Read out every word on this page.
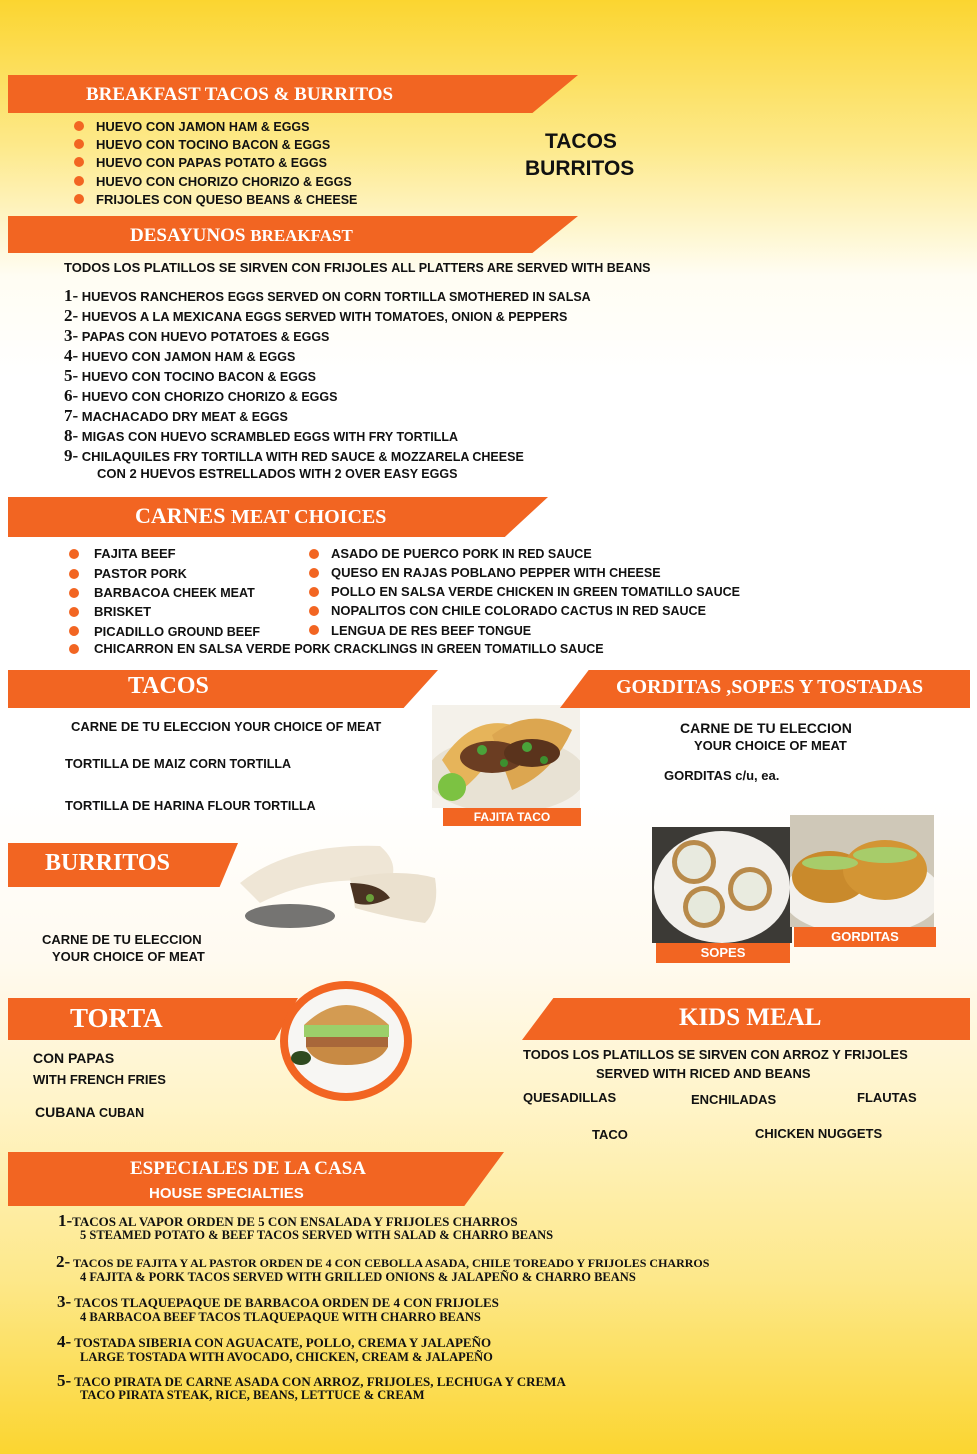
BREAKFAST TACOS & BURRITOS
HUEVO CON JAMON HAM & EGGS
HUEVO CON TOCINO BACON & EGGS
HUEVO CON PAPAS POTATO & EGGS
HUEVO CON CHORIZO CHORIZO & EGGS
FRIJOLES CON QUESO BEANS & CHEESE
TACOS
BURRITOS
DESAYUNOS BREAKFAST
TODOS LOS PLATILLOS SE SIRVEN CON FRIJOLES ALL PLATTERS ARE SERVED WITH BEANS
1- HUEVOS RANCHEROS EGGS SERVED ON CORN TORTILLA SMOTHERED IN SALSA
2- HUEVOS A LA MEXICANA EGGS SERVED WITH TOMATOES, ONION & PEPPERS
3- PAPAS CON HUEVO POTATOES & EGGS
4- HUEVO CON JAMON HAM & EGGS
5- HUEVO CON TOCINO BACON & EGGS
6- HUEVO CON CHORIZO CHORIZO & EGGS
7- MACHACADO DRY MEAT & EGGS
8- MIGAS CON HUEVO SCRAMBLED EGGS WITH FRY TORTILLA
9- CHILAQUILES FRY TORTILLA WITH RED SAUCE & MOZZARELA CHEESE
CON 2 HUEVOS ESTRELLADOS WITH 2 OVER EASY EGGS
CARNES MEAT CHOICES
FAJITA BEEF
PASTOR PORK
BARBACOA CHEEK MEAT
BRISKET
PICADILLO GROUND BEEF
ASADO DE PUERCO PORK IN RED SAUCE
QUESO EN RAJAS POBLANO PEPPER WITH CHEESE
POLLO EN SALSA VERDE CHICKEN IN GREEN TOMATILLO SAUCE
NOPALITOS CON CHILE COLORADO CACTUS IN RED SAUCE
LENGUA DE RES BEEF TONGUE
CHICARRON EN SALSA VERDE PORK CRACKLINGS IN GREEN TOMATILLO SAUCE
TACOS
CARNE DE TU ELECCION YOUR CHOICE OF MEAT
TORTILLA DE MAIZ CORN TORTILLA
TORTILLA DE HARINA FLOUR TORTILLA
FAJITA TACO
GORDITAS ,SOPES Y TOSTADAS
CARNE DE TU ELECCION
YOUR CHOICE OF MEAT
GORDITAS c/u, ea.
SOPES
GORDITAS
BURRITOS
CARNE DE TU ELECCION
YOUR CHOICE OF MEAT
TORTA
CON PAPAS
WITH FRENCH FRIES
CUBANA CUBAN
KIDS MEAL
TODOS LOS PLATILLOS SE SIRVEN CON ARROZ Y FRIJOLES
SERVED WITH RICED AND BEANS
QUESADILLAS	ENCHILADAS	FLAUTAS
TACO	CHICKEN NUGGETS
ESPECIALES DE LA CASA
HOUSE SPECIALTIES
1-TACOS AL VAPOR ORDEN DE 5 CON ENSALADA Y FRIJOLES CHARROS
5 STEAMED POTATO & BEEF TACOS SERVED WITH SALAD & CHARRO BEANS
2- TACOS DE FAJITA Y AL PASTOR ORDEN DE 4 CON CEBOLLA ASADA, CHILE TOREADO Y FRIJOLES CHARROS
4 FAJITA & PORK TACOS SERVED WITH GRILLED ONIONS & JALAPEÑO & CHARRO BEANS
3- TACOS TLAQUEPAQUE DE BARBACOA ORDEN DE 4 CON FRIJOLES
4 BARBACOA BEEF TACOS TLAQUEPAQUE WITH CHARRO BEANS
4- TOSTADA SIBERIA CON AGUACATE, POLLO, CREMA Y JALAPEÑO
LARGE TOSTADA WITH AVOCADO, CHICKEN, CREAM & JALAPEÑO
5- TACO PIRATA DE CARNE ASADA CON ARROZ, FRIJOLES, LECHUGA Y CREMA
TACO PIRATA STEAK, RICE, BEANS, LETTUCE & CREAM
